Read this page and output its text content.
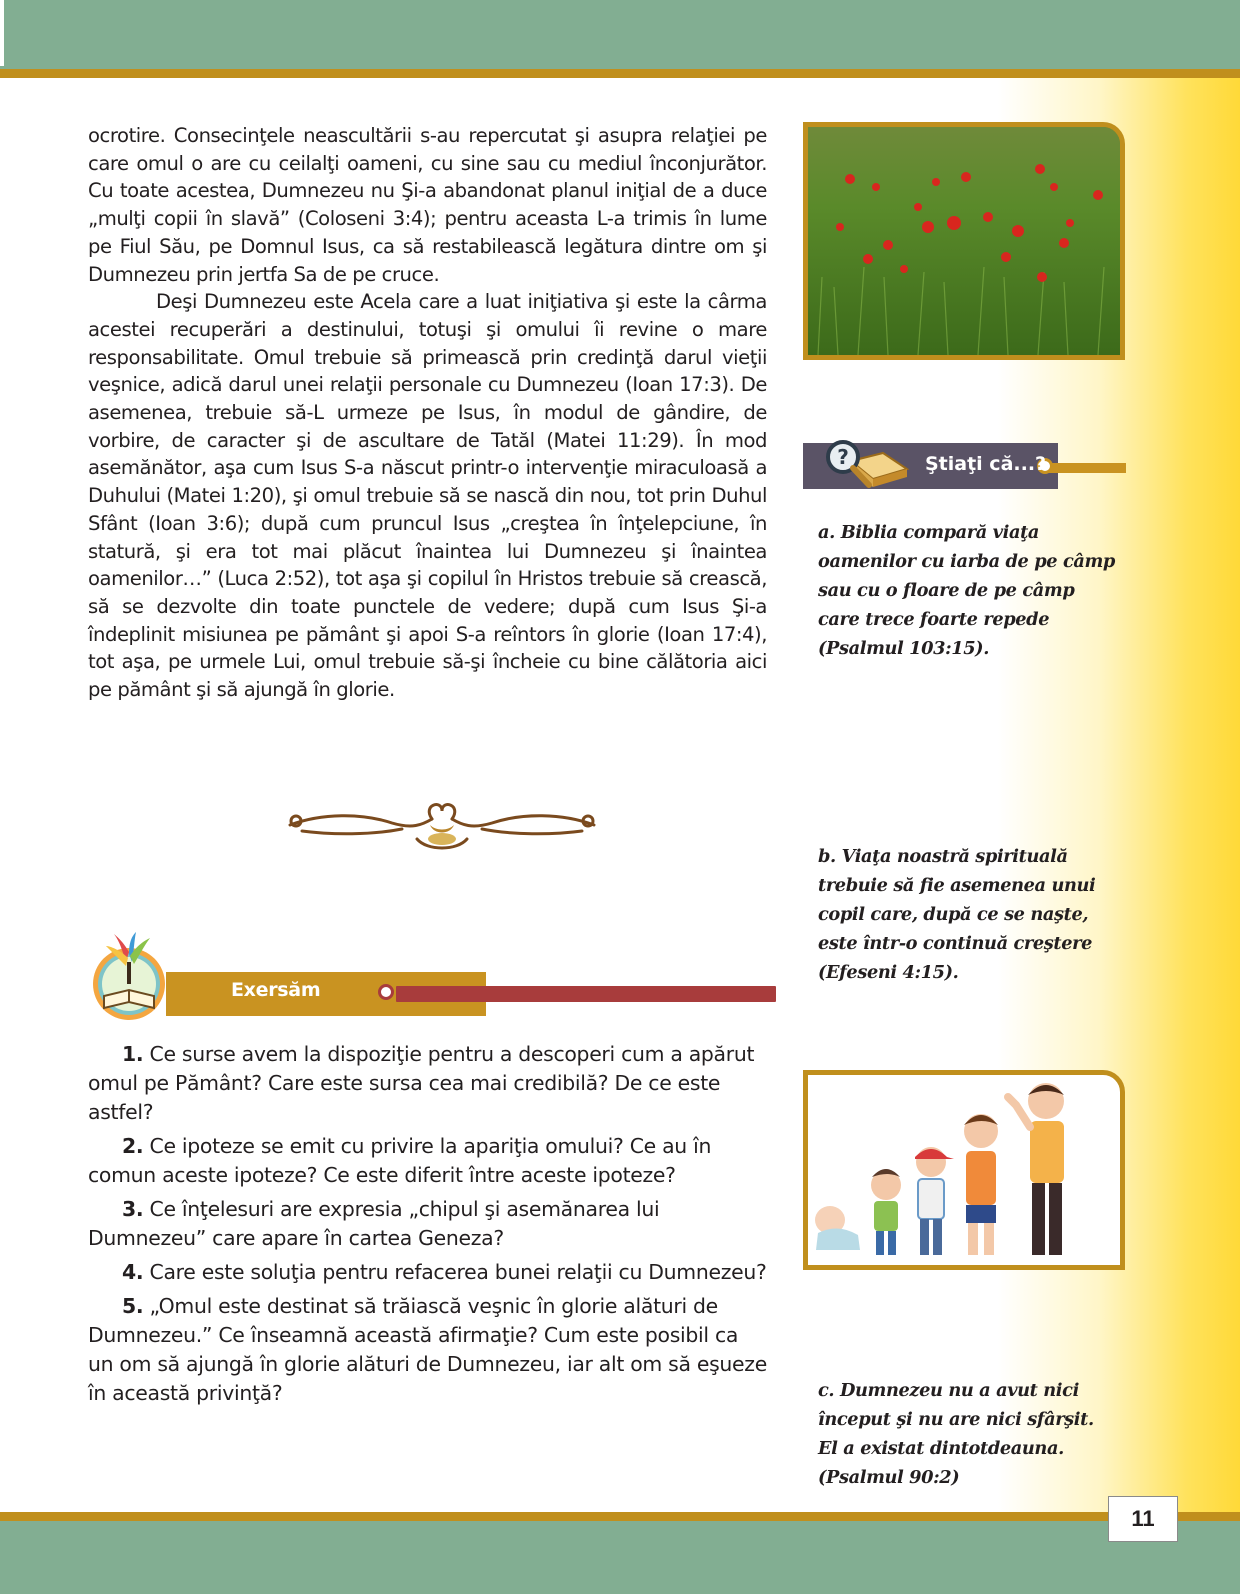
ocrotire. Consecinţele neascultării s-au repercutat şi asupra relaţiei pe care omul o are cu ceilalţi oameni, cu sine sau cu mediul înconjurător. Cu toate acestea, Dumnezeu nu Şi-a abandonat planul iniţial de a duce „mulţi copii în slavă” (Coloseni 3:4); pentru aceasta L-a trimis în lume pe Fiul Său, pe Domnul Isus, ca să restabilească legătura dintre om şi Dumnezeu prin jertfa Sa de pe cruce.

Deşi Dumnezeu este Acela care a luat iniţiativa şi este la cârma acestei recuperări a destinului, totuşi şi omului îi revine o mare responsabilitate. Omul trebuie să primească prin credinţă darul vieţii veşnice, adică darul unei relaţii personale cu Dumnezeu (Ioan 17:3). De asemenea, trebuie să-L urmeze pe Isus, în modul de gândire, de vorbire, de caracter şi de ascultare de Tatăl (Matei 11:29). În mod asemănător, aşa cum Isus S-a născut printr-o intervenţie miraculoasă a Duhului (Matei 1:20), şi omul trebuie să se nască din nou, tot prin Duhul Sfânt (Ioan 3:6); după cum pruncul Isus „creştea în înţelepciune, în statură, şi era tot mai plăcut înaintea lui Dumnezeu şi înaintea oamenilor…” (Luca 2:52), tot aşa şi copilul în Hristos trebuie să crească, să se dezvolte din toate punctele de vedere; după cum Isus Şi-a îndeplinit misiunea pe pământ şi apoi S-a reîntors în glorie (Ioan 17:4), tot aşa, pe urmele Lui, omul trebuie să-şi încheie cu bine călătoria aici pe pământ şi să ajungă în glorie.

Exersăm

1. Ce surse avem la dispoziţie pentru a descoperi cum a apărut omul pe Pământ? Care este sursa cea mai credibilă? De ce este astfel?

2. Ce ipoteze se emit cu privire la apariţia omului? Ce au în comun aceste ipoteze? Ce este diferit între aceste ipoteze?

3. Ce înţelesuri are expresia „chipul şi asemănarea lui Dumnezeu” care apare în cartea Geneza?

4. Care este soluţia pentru refacerea bunei relaţii cu Dumnezeu?

5. „Omul este destinat să trăiască veşnic în glorie alături de Dumnezeu.” Ce înseamnă această afirmaţie? Cum este posibil ca un om să ajungă în glorie alături de Dumnezeu, iar alt om să eşueze în această privinţă?

?	Ştiaţi că...?
a. Biblia compară viaţa oamenilor cu iarba de pe câmp sau cu o floare de pe câmp care trece foarte repede (Psalmul 103:15).
b. Viaţa noastră spirituală trebuie să fie asemenea unui copil care, după ce se naşte, este într-o continuă creştere (Efeseni 4:15).
c. Dumnezeu nu a avut nici început şi nu are nici sfârşit. El a existat dintotdeauna. (Psalmul 90:2)
11
